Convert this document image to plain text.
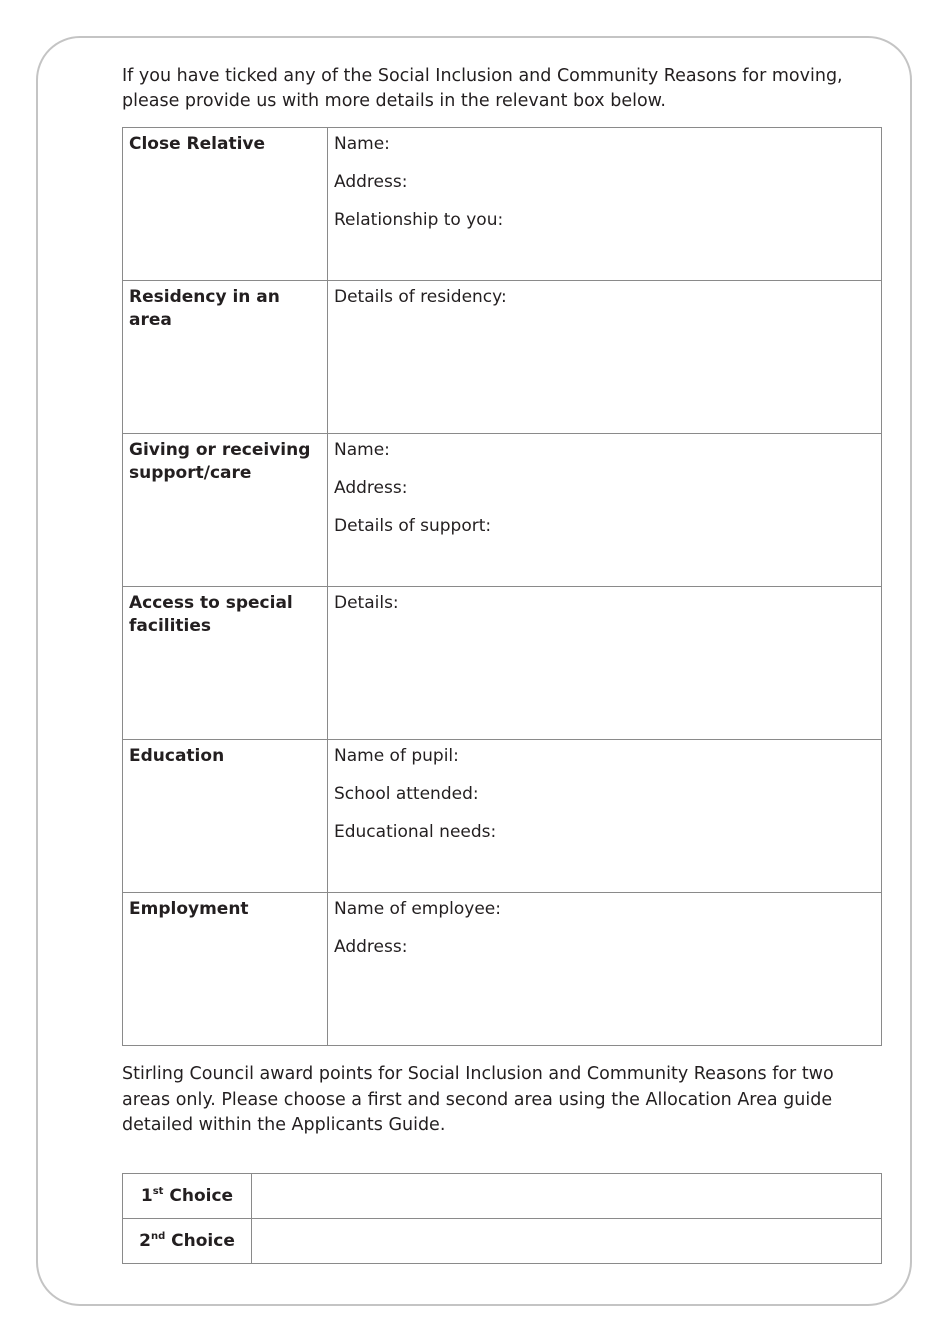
If you have ticked any of the Social Inclusion and Community Reasons for moving, please provide us with more details in the relevant box below.

Close Relative	Name:
Address:
Relationship to you:

Residency in an area	Details of residency:

Giving or receiving support/care	Name:
Address:
Details of support:

Access to special facilities	Details:

Education	Name of pupil:
School attended:
Educational needs:

Employment	Name of employee:
Address:

Stirling Council award points for Social Inclusion and Community Reasons for two areas only. Please choose a first and second area using the Allocation Area guide detailed within the Applicants Guide.

1st Choice	
2nd Choice	
